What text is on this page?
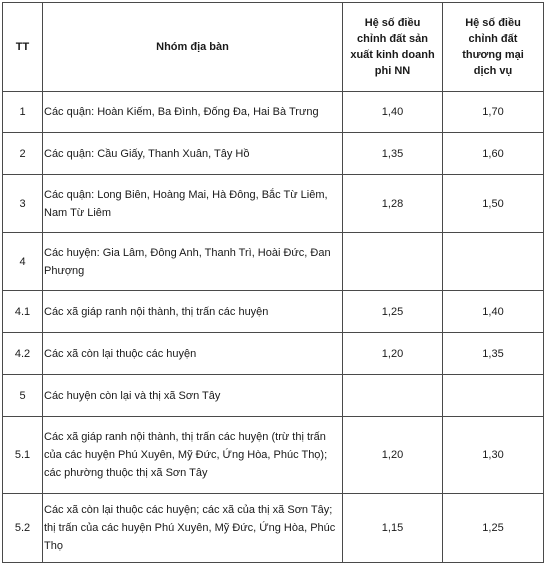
TT	Nhóm địa bàn	Hệ số điều chỉnh đất sản xuất kinh doanh phi NN	Hệ số điều chỉnh đất thương mại dịch vụ
1	Các quận: Hoàn Kiếm, Ba Đình, Đống Đa, Hai Bà Trưng	1,40	1,70
2	Các quận: Cầu Giấy, Thanh Xuân, Tây Hồ	1,35	1,60
3	Các quận: Long Biên, Hoàng Mai, Hà Đông, Bắc Từ Liêm, Nam Từ Liêm	1,28	1,50
4	Các huyện: Gia Lâm, Đông Anh, Thanh Trì, Hoài Đức, Đan Phượng		
4.1	Các xã giáp ranh nội thành, thị trấn các huyện	1,25	1,40
4.2	Các xã còn lại thuộc các huyện	1,20	1,35
5	Các huyện còn lại và thị xã Sơn Tây		
5.1	Các xã giáp ranh nội thành, thị trấn các huyện (trừ thị trấn của các huyện Phú Xuyên, Mỹ Đức, Ứng Hòa, Phúc Thọ); các phường thuộc thị xã Sơn Tây	1,20	1,30
5.2	Các xã còn lại thuộc các huyện; các xã của thị xã Sơn Tây; thị trấn của các huyện Phú Xuyên, Mỹ Đức, Ứng Hòa, Phúc Thọ	1,15	1,25
